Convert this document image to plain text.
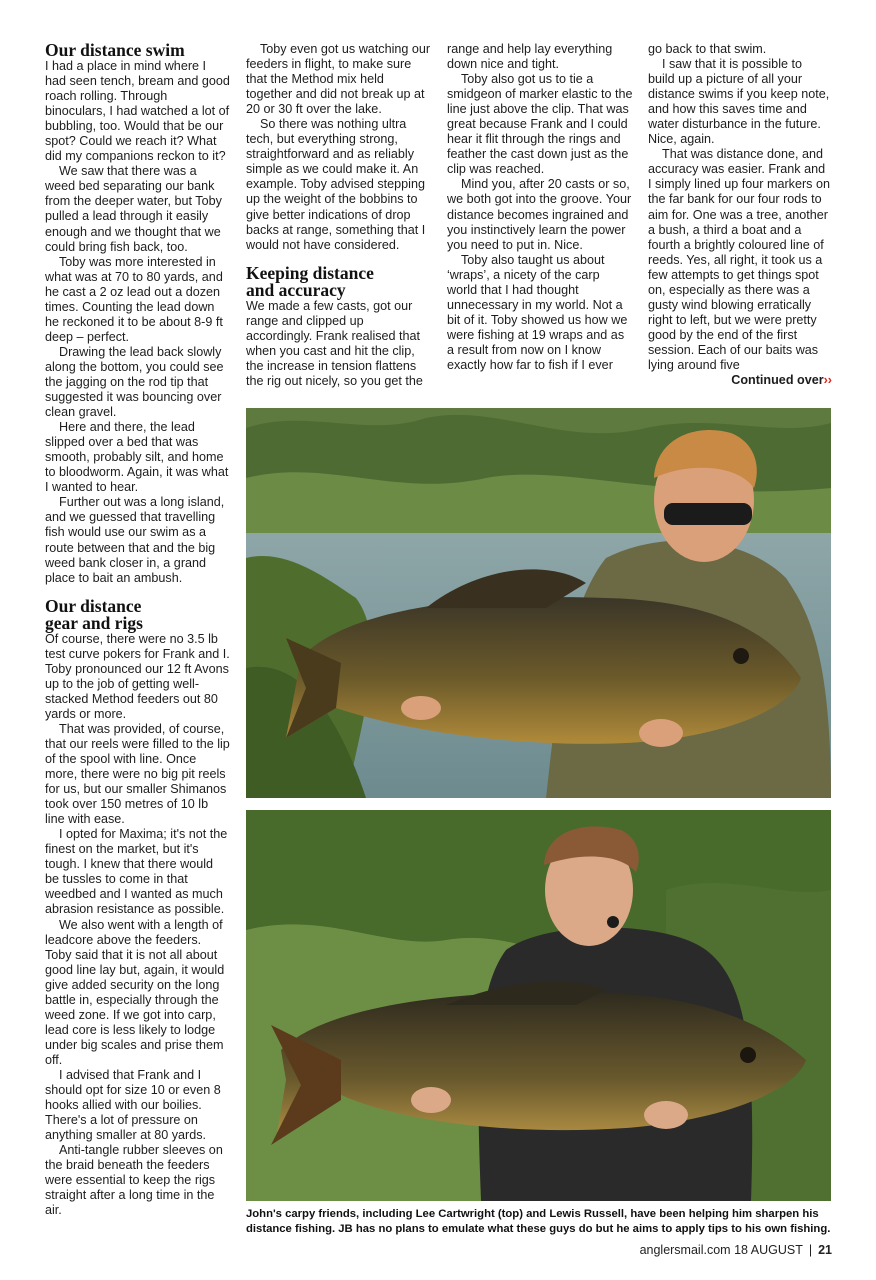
Our distance swim

I had a place in mind where I had seen tench, bream and good roach rolling. Through binoculars, I had watched a lot of bubbling, too. Would that be our spot? Could we reach it? What did my companions reckon to it?

We saw that there was a weed bed separating our bank from the deeper water, but Toby pulled a lead through it easily enough and we thought that we could bring fish back, too.

Toby was more interested in what was at 70 to 80 yards, and he cast a 2 oz lead out a dozen times. Counting the lead down he reckoned it to be about 8-9 ft deep – perfect.

Drawing the lead back slowly along the bottom, you could see the jagging on the rod tip that suggested it was bouncing over clean gravel.

Here and there, the lead slipped over a bed that was smooth, probably silt, and home to bloodworm. Again, it was what I wanted to hear.

Further out was a long island, and we guessed that travelling fish would use our swim as a route between that and the big weed bank closer in, a grand place to bait an ambush.

Our distance gear and rigs

Of course, there were no 3.5 lb test curve pokers for Frank and I. Toby pronounced our 12 ft Avons up to the job of getting well-stacked Method feeders out 80 yards or more.

That was provided, of course, that our reels were filled to the lip of the spool with line. Once more, there were no big pit reels for us, but our smaller Shimanos took over 150 metres of 10 lb line with ease.

I opted for Maxima; it's not the finest on the market, but it's tough. I knew that there would be tussles to come in that weedbed and I wanted as much abrasion resistance as possible.

We also went with a length of leadcore above the feeders. Toby said that it is not all about good line lay but, again, it would give added security on the long battle in, especially through the weed zone. If we got into carp, lead core is less likely to lodge under big scales and prise them off.

I advised that Frank and I should opt for size 10 or even 8 hooks allied with our boilies. There's a lot of pressure on anything smaller at 80 yards.

Anti-tangle rubber sleeves on the braid beneath the feeders were essential to keep the rigs straight after a long time in the air.

Toby even got us watching our feeders in flight, to make sure that the Method mix held together and did not break up at 20 or 30 ft over the lake.

So there was nothing ultra tech, but everything strong, straightforward and as reliably simple as we could make it. An example. Toby advised stepping up the weight of the bobbins to give better indications of drop backs at range, something that I would not have considered.

Keeping distance and accuracy

We made a few casts, got our range and clipped up accordingly. Frank realised that when you cast and hit the clip, the increase in tension flattens the rig out nicely, so you get the

range and help lay everything down nice and tight.

Toby also got us to tie a smidgeon of marker elastic to the line just above the clip. That was great because Frank and I could hear it flit through the rings and feather the cast down just as the clip was reached.

Mind you, after 20 casts or so, we both got into the groove. Your distance becomes ingrained and you instinctively learn the power you need to put in. Nice.

Toby also taught us about ‘wraps’, a nicety of the carp world that I had thought unnecessary in my world. Not a bit of it. Toby showed us how we were fishing at 19 wraps and as a result from now on I know exactly how far to fish if I ever

go back to that swim.

I saw that it is possible to build up a picture of all your distance swims if you keep note, and how this saves time and water disturbance in the future. Nice, again.

That was distance done, and accuracy was easier. Frank and I simply lined up four markers on the far bank for our four rods to aim for. One was a tree, another a bush, a third a boat and a fourth a brightly coloured line of reeds. Yes, all right, it took us a few attempts to get things spot on, especially as there was a gusty wind blowing erratically right to left, but we were pretty good by the end of the first session. Each of our baits was lying around five

Continued over››
John's carpy friends, including Lee Cartwright (top) and Lewis Russell, have been helping him sharpen his distance fishing. JB has no plans to emulate what these guys do but he aims to apply tips to his own fishing.
anglersmail.com 18 AUGUST | 21
